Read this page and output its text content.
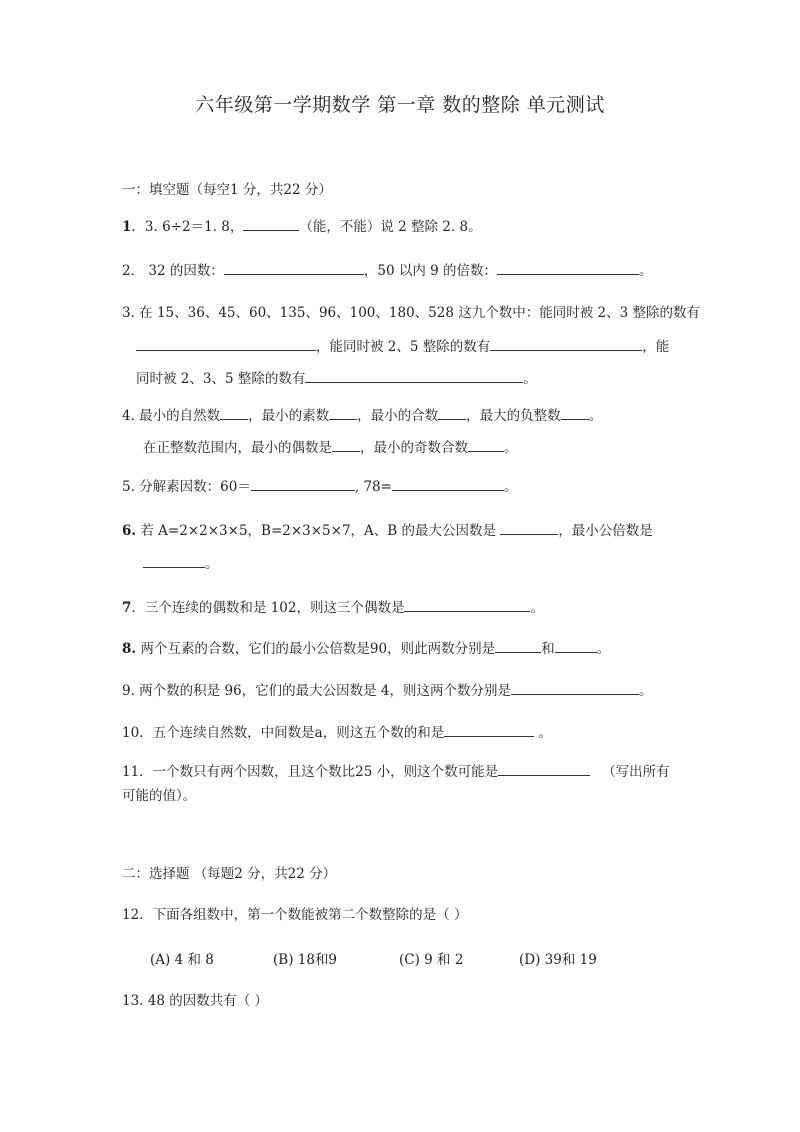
六年级第一学期数学 第一章 数的整除 单元测试
一：填空题（每空1 分，共22 分）
1．3. 6÷2＝1. 8，	（能，不能）说 2 整除 2. 8。
2． 32 的因数：	，50 以内 9 的倍数：	。
3. 在 15、36、45、60、135、96、100、180、528 这九个数中：能同时被 2、3 整除的数有
，能同时被 2、5 整除的数有	，能
同时被 2、3、5 整除的数有	。
4. 最小的自然数 ，最小的素数 ，最小的合数 ，最大的负整数 。
在正整数范围内，最小的偶数是 ，最小的奇数合数	。
5. 分解素因数：60＝	, 78=	。
6. 若 A=2×2×3×5，B=2×3×5×7，A、B 的最大公因数是	，最小公倍数是
。
7．三个连续的偶数和是 102，则这三个偶数是	。
8. 两个互素的合数，它们的最小公倍数是90，则此两数分别是	和	。
9. 两个数的积是 96，它们的最大公因数是 4，则这两个数分别是	。
10．五个连续自然数，中间数是a，则这五个数的和是	。
11．一个数只有两个因数，且这个数比25 小，则这个数可能是	（写出所有
可能的值）。
二：选择题 （每题2 分，共22 分）
12．下面各组数中，第一个数能被第二个数整除的是（ ）
(A) 4 和 8	(B) 18和9	(C) 9 和 2	(D) 39和 19
13. 48 的因数共有（ ）
